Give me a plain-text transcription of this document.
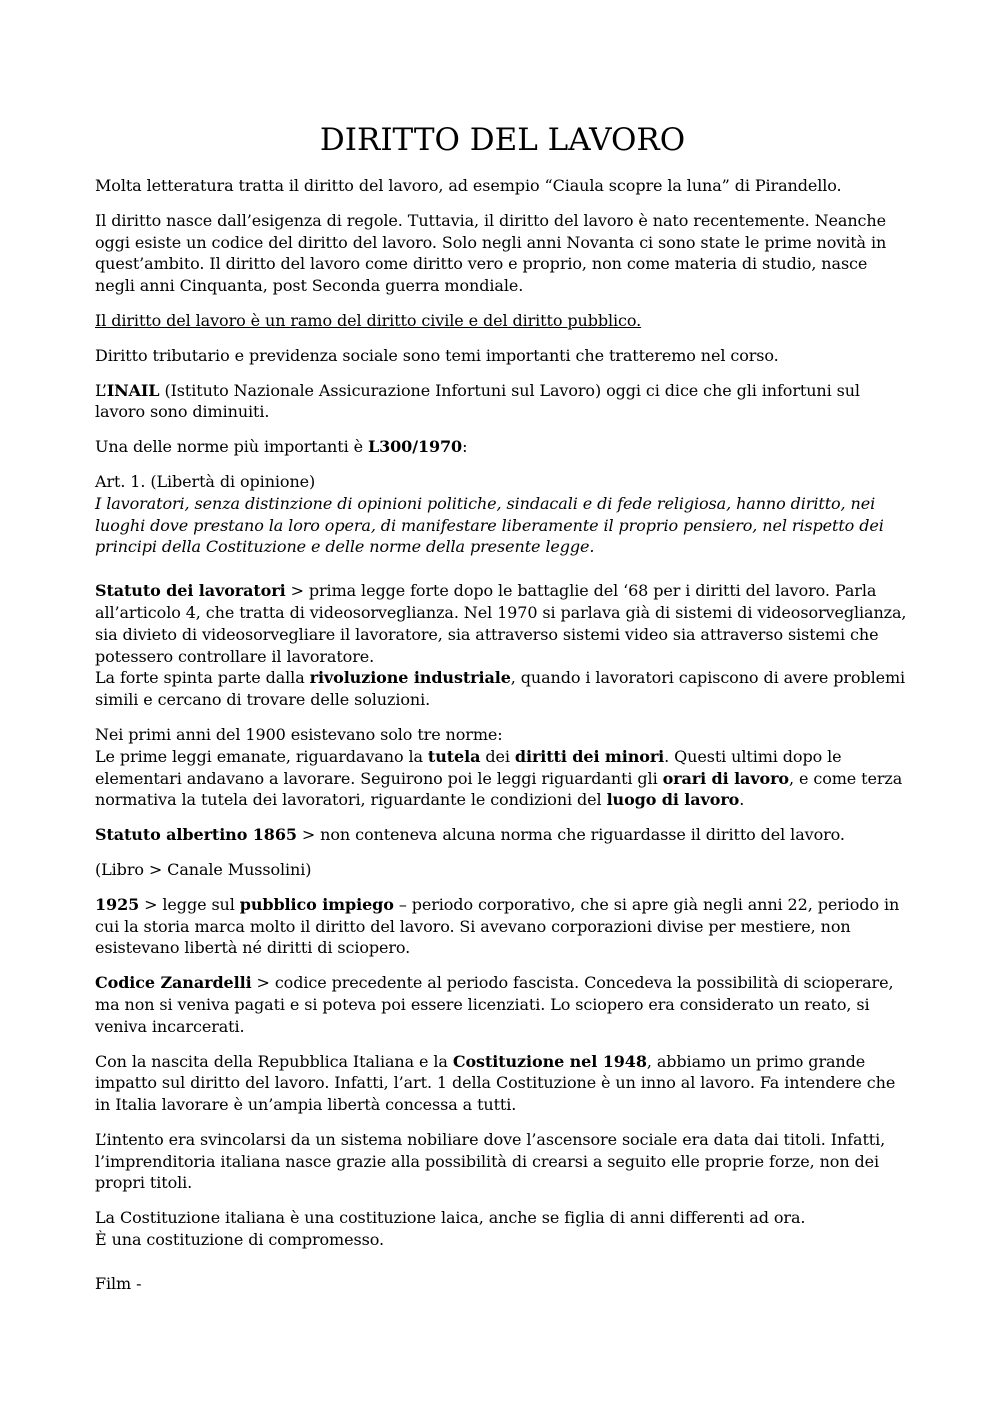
DIRITTO DEL LAVORO

Molta letteratura tratta il diritto del lavoro, ad esempio “Ciaula scopre la luna” di Pirandello.

Il diritto nasce dall’esigenza di regole. Tuttavia, il diritto del lavoro è nato recentemente. Neanche oggi esiste un codice del diritto del lavoro. Solo negli anni Novanta ci sono state le prime novità in quest’ambito. Il diritto del lavoro come diritto vero e proprio, non come materia di studio, nasce negli anni Cinquanta, post Seconda guerra mondiale.

Il diritto del lavoro è un ramo del diritto civile e del diritto pubblico.

Diritto tributario e previdenza sociale sono temi importanti che tratteremo nel corso.

L’INAIL (Istituto Nazionale Assicurazione Infortuni sul Lavoro) oggi ci dice che gli infortuni sul lavoro sono diminuiti.

Una delle norme più importanti è L300/1970:

Art. 1. (Libertà di opinione)

I lavoratori, senza distinzione di opinioni politiche, sindacali e di fede religiosa, hanno diritto, nei luoghi dove prestano la loro opera, di manifestare liberamente il proprio pensiero, nel rispetto dei principi della Costituzione e delle norme della presente legge.

Statuto dei lavoratori > prima legge forte dopo le battaglie del ‘68 per i diritti del lavoro. Parla all’articolo 4, che tratta di videosorveglianza. Nel 1970 si parlava già di sistemi di videosorveglianza, sia divieto di videosorvegliare il lavoratore, sia attraverso sistemi video sia attraverso sistemi che potessero controllare il lavoratore.

La forte spinta parte dalla rivoluzione industriale, quando i lavoratori capiscono di avere problemi simili e cercano di trovare delle soluzioni.

Nei primi anni del 1900 esistevano solo tre norme:

Le prime leggi emanate, riguardavano la tutela dei diritti dei minori. Questi ultimi dopo le elementari andavano a lavorare. Seguirono poi le leggi riguardanti gli orari di lavoro, e come terza normativa la tutela dei lavoratori, riguardante le condizioni del luogo di lavoro.

Statuto albertino 1865 > non conteneva alcuna norma che riguardasse il diritto del lavoro.

(Libro > Canale Mussolini)

1925 > legge sul pubblico impiego – periodo corporativo, che si apre già negli anni 22, periodo in cui la storia marca molto il diritto del lavoro. Si avevano corporazioni divise per mestiere, non esistevano libertà né diritti di sciopero.

Codice Zanardelli > codice precedente al periodo fascista. Concedeva la possibilità di scioperare, ma non si veniva pagati e si poteva poi essere licenziati. Lo sciopero era considerato un reato, si veniva incarcerati.

Con la nascita della Repubblica Italiana e la Costituzione nel 1948, abbiamo un primo grande impatto sul diritto del lavoro. Infatti, l’art. 1 della Costituzione è un inno al lavoro. Fa intendere che in Italia lavorare è un’ampia libertà concessa a tutti.

L’intento era svincolarsi da un sistema nobiliare dove l’ascensore sociale era data dai titoli. Infatti, l’imprenditoria italiana nasce grazie alla possibilità di crearsi a seguito elle proprie forze, non dei propri titoli.

La Costituzione italiana è una costituzione laica, anche se figlia di anni differenti ad ora.

È una costituzione di compromesso.

Film -
